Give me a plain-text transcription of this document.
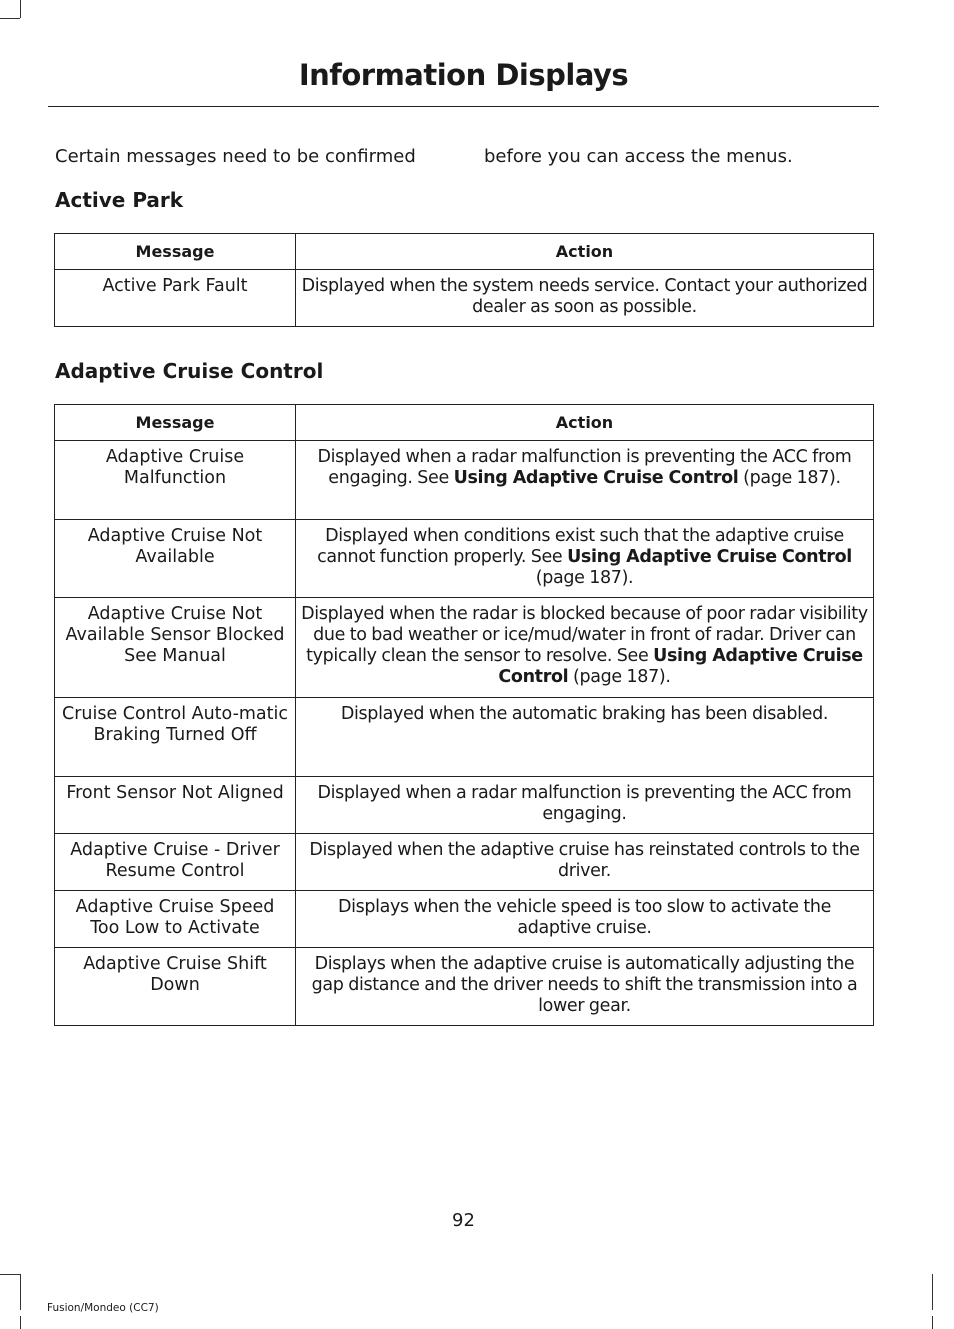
Information Displays
Certain messages need to be confirmed	before you can access the menus.
Active Park
Message	Action
Active Park Fault	Displayed when the system needs service. Contact your authorized dealer as soon as possible.
Adaptive Cruise Control
Message	Action
Adaptive Cruise Malfunction	Displayed when a radar malfunction is preventing the ACC from engaging. See Using Adaptive Cruise Control (page 187).
Adaptive Cruise Not Available	Displayed when conditions exist such that the adaptive cruise cannot function properly. See Using Adaptive Cruise Control (page 187).
Adaptive Cruise Not Available Sensor Blocked See Manual	Displayed when the radar is blocked because of poor radar visibility due to bad weather or ice/mud/water in front of radar. Driver can typically clean the sensor to resolve. See Using Adaptive Cruise Control (page 187).
Cruise Control Auto-matic Braking Turned Off	Displayed when the automatic braking has been disabled.
Front Sensor Not Aligned	Displayed when a radar malfunction is preventing the ACC from engaging.
Adaptive Cruise - Driver Resume Control	Displayed when the adaptive cruise has reinstated controls to the driver.
Adaptive Cruise Speed Too Low to Activate	Displays when the vehicle speed is too slow to activate the adaptive cruise.
Adaptive Cruise Shift Down	Displays when the adaptive cruise is automatically adjusting the gap distance and the driver needs to shift the transmission into a lower gear.
92
Fusion/Mondeo (CC7)
